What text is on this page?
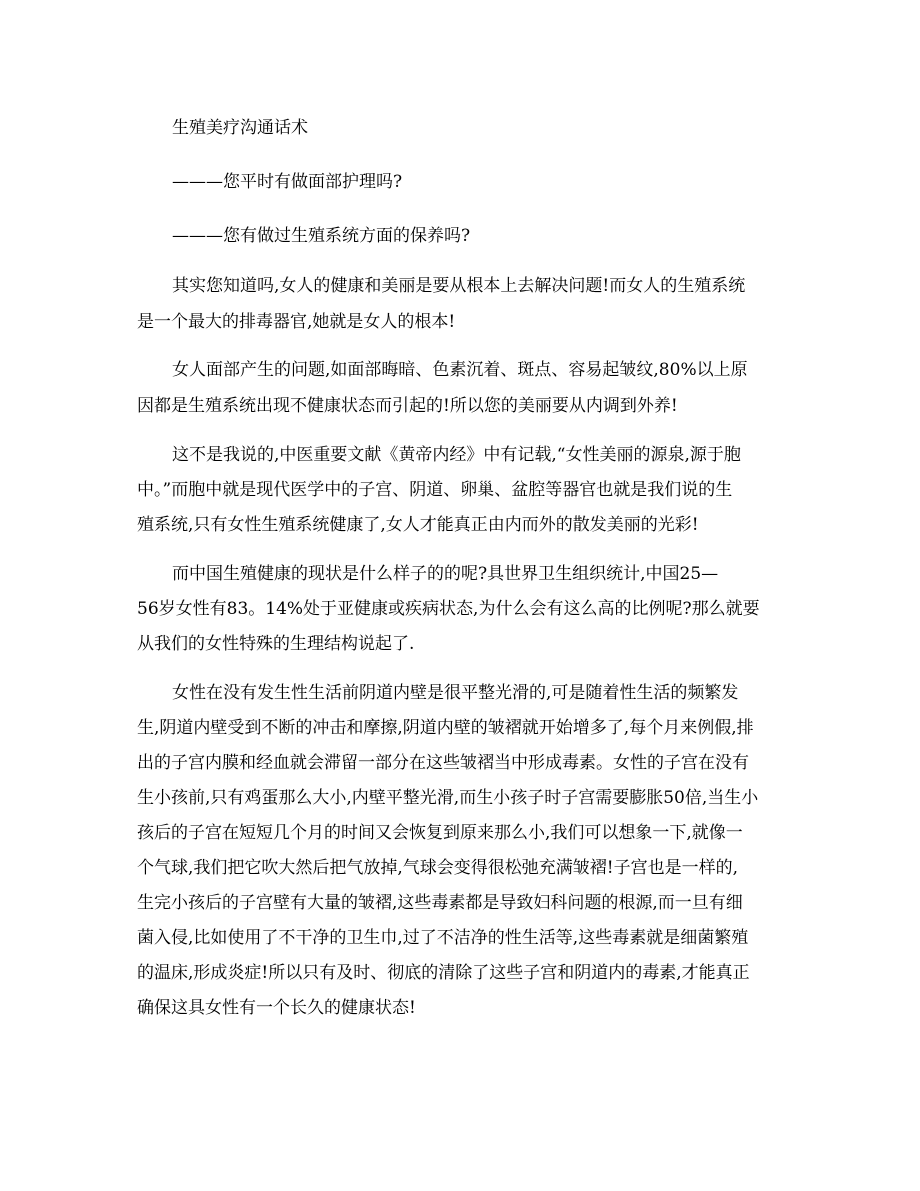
生殖美疗沟通话术
———您平时有做面部护理吗?
———您有做过生殖系统方面的保养吗?
其实您知道吗,女人的健康和美丽是要从根本上去解决问题!而女人的生殖系统
是一个最大的排毒器官,她就是女人的根本!
女人面部产生的问题,如面部晦暗、色素沉着、斑点、容易起皱纹,80%以上原
因都是生殖系统出现不健康状态而引起的!所以您的美丽要从内调到外养!
这不是我说的,中医重要文献《黄帝内经》中有记载,“女性美丽的源泉,源于胞
中。”而胞中就是现代医学中的子宫、阴道、卵巢、盆腔等器官也就是我们说的生
殖系统,只有女性生殖系统健康了,女人才能真正由内而外的散发美丽的光彩!
而中国生殖健康的现状是什么样子的的呢?具世界卫生组织统计,中国25—
56岁女性有83。14%处于亚健康或疾病状态,为什么会有这么高的比例呢?那么就要
从我们的女性特殊的生理结构说起了.
女性在没有发生性生活前阴道内壁是很平整光滑的,可是随着性生活的频繁发
生,阴道内壁受到不断的冲击和摩擦,阴道内壁的皱褶就开始增多了,每个月来例假,排
出的子宫内膜和经血就会滞留一部分在这些皱褶当中形成毒素。女性的子宫在没有
生小孩前,只有鸡蛋那么大小,内壁平整光滑,而生小孩子时子宫需要膨胀50倍,当生小
孩后的子宫在短短几个月的时间又会恢复到原来那么小,我们可以想象一下,就像一
个气球,我们把它吹大然后把气放掉,气球会变得很松弛充满皱褶!子宫也是一样的,
生完小孩后的子宫壁有大量的皱褶,这些毒素都是导致妇科问题的根源,而一旦有细
菌入侵,比如使用了不干净的卫生巾,过了不洁净的性生活等,这些毒素就是细菌繁殖
的温床,形成炎症!所以只有及时、彻底的清除了这些子宫和阴道内的毒素,才能真正
确保这具女性有一个长久的健康状态!
